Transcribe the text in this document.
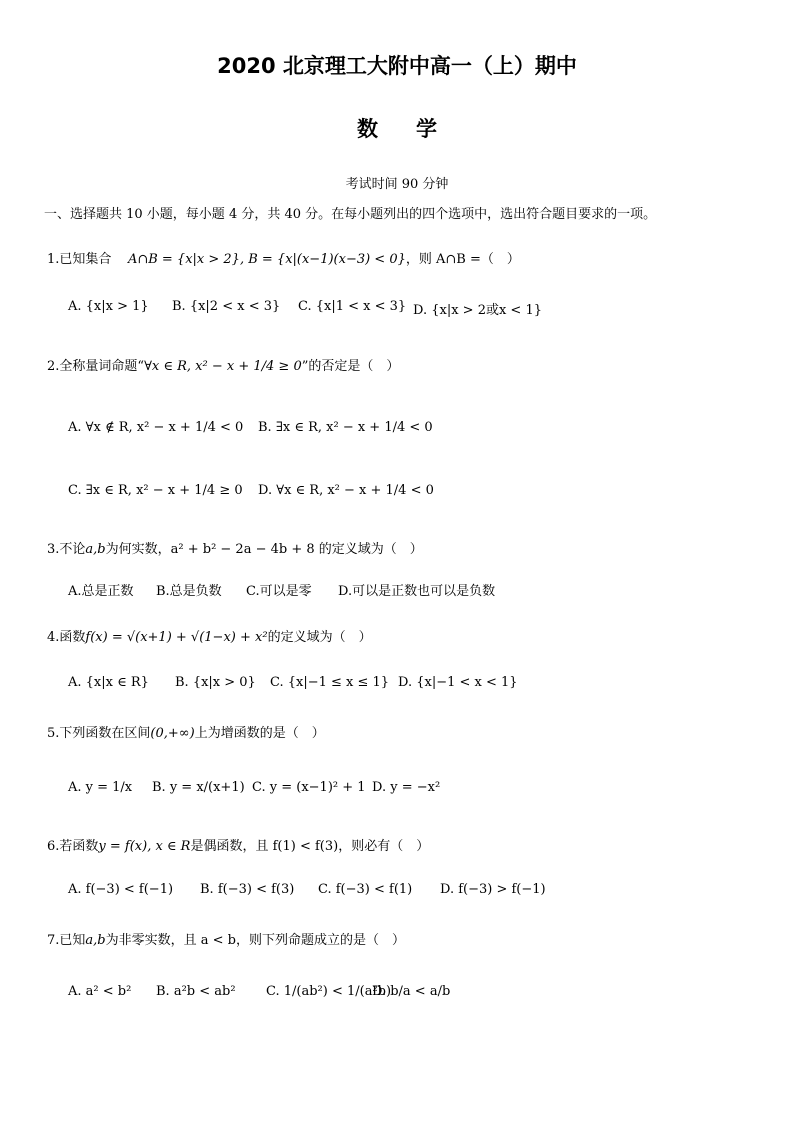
2020 北京理工大附中高一（上）期中
数学
考试时间 90 分钟
一、选择题共 10 小题，每小题 4 分，共 40 分。在每小题列出的四个选项中，选出符合题目要求的一项。
1.已知集合 A∩B = {x|x > 2}, B = {x|(x−1)(x−3) < 0}，则 A∩B =（　）
A. {x|x > 1} B. {x|2 < x < 3} C. {x|1 < x < 3} D. {x|x > 2或x < 1}
2.全称量词命题“∀x ∈ R, x² − x + 1/4 ≥ 0”的否定是（　）
A. ∀x ∉ R, x² − x + 1/4 < 0 B. ∃x ∈ R, x² − x + 1/4 < 0
C. ∃x ∈ R, x² − x + 1/4 ≥ 0 D. ∀x ∈ R, x² − x + 1/4 < 0
3.不论a,b为何实数，a² + b² − 2a − 4b + 8 的定义域为（　）
A.总是正数 B.总是负数 C.可以是零 D.可以是正数也可以是负数
4.函数f(x) = √(x+1) + √(1−x) + x²的定义域为（　）
A. {x|x ∈ R} B. {x|x > 0} C. {x|−1 ≤ x ≤ 1} D. {x|−1 < x < 1}
5.下列函数在区间(0,+∞)上为增函数的是（　）
A. y = 1/x B. y = x/(x+1) C. y = (x−1)² + 1 D. y = −x²
6.若函数y = f(x), x ∈ R是偶函数，且 f(1) < f(3)，则必有（　）
A. f(−3) < f(−1) B. f(−3) < f(3) C. f(−3) < f(1) D. f(−3) > f(−1)
7.已知a,b为非零实数，且 a < b，则下列命题成立的是（　）
A. a² < b² B. a²b < ab² C. 1/(ab²) < 1/(a²b)
D. b/a < a/b
